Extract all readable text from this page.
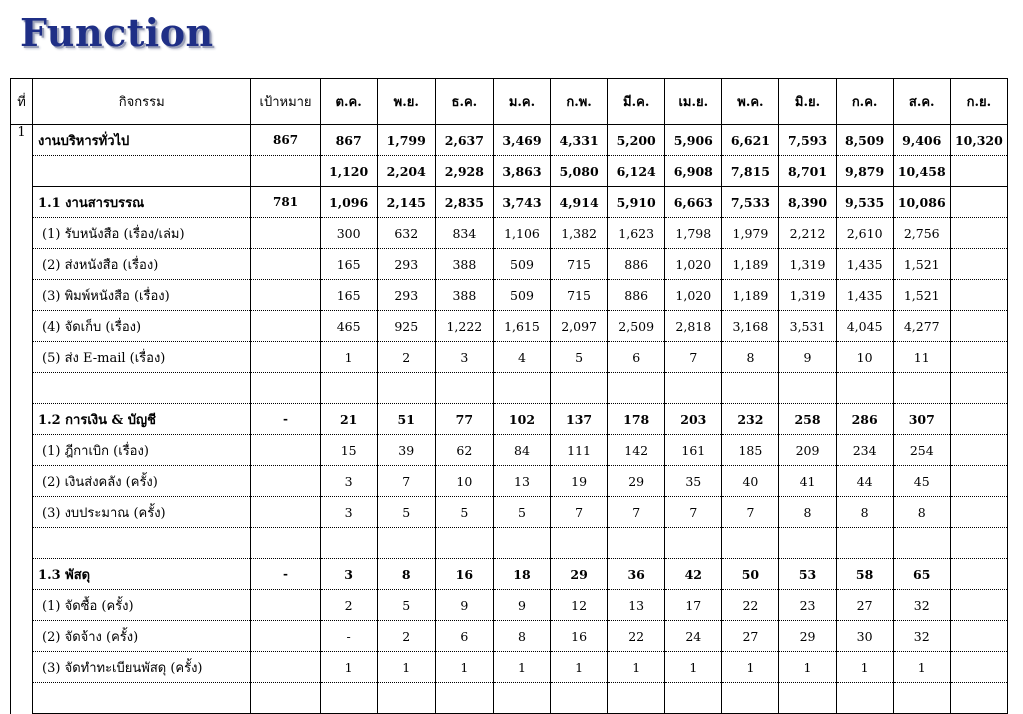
Function
ที่	กิจกรรม	เป้าหมาย	ต.ค.	พ.ย.	ธ.ค.	ม.ค.	ก.พ.	มี.ค.	เม.ย.	พ.ค.	มิ.ย.	ก.ค.	ส.ค.	ก.ย.
1	งานบริหารทั่วไป	867	867	1,799	2,637	3,469	4,331	5,200	5,906	6,621	7,593	8,509	9,406	10,320
			1,120	2,204	2,928	3,863	5,080	6,124	6,908	7,815	8,701	9,879	10,458	
	1.1 งานสารบรรณ	781	1,096	2,145	2,835	3,743	4,914	5,910	6,663	7,533	8,390	9,535	10,086	
	(1) รับหนังสือ (เรื่อง/เล่ม)		300	632	834	1,106	1,382	1,623	1,798	1,979	2,212	2,610	2,756	
	(2) ส่งหนังสือ (เรื่อง)		165	293	388	509	715	886	1,020	1,189	1,319	1,435	1,521	
	(3) พิมพ์หนังสือ (เรื่อง)		165	293	388	509	715	886	1,020	1,189	1,319	1,435	1,521	
	(4) จัดเก็บ (เรื่อง)		465	925	1,222	1,615	2,097	2,509	2,818	3,168	3,531	4,045	4,277	
	(5) ส่ง E-mail (เรื่อง)		1	2	3	4	5	6	7	8	9	10	11	

	1.2 การเงิน & บัญชี	-	21	51	77	102	137	178	203	232	258	286	307	
	(1) ฎีกาเบิก (เรื่อง)		15	39	62	84	111	142	161	185	209	234	254	
	(2) เงินส่งคลัง (ครั้ง)		3	7	10	13	19	29	35	40	41	44	45	
	(3) งบประมาณ (ครั้ง)		3	5	5	5	7	7	7	7	8	8	8	

	1.3 พัสดุ	-	3	8	16	18	29	36	42	50	53	58	65	
	(1) จัดซื้อ (ครั้ง)		2	5	9	9	12	13	17	22	23	27	32	
	(2) จัดจ้าง (ครั้ง)		-	2	6	8	16	22	24	27	29	30	32	
	(3) จัดทำทะเบียนพัสดุ (ครั้ง)		1	1	1	1	1	1	1	1	1	1	1	
